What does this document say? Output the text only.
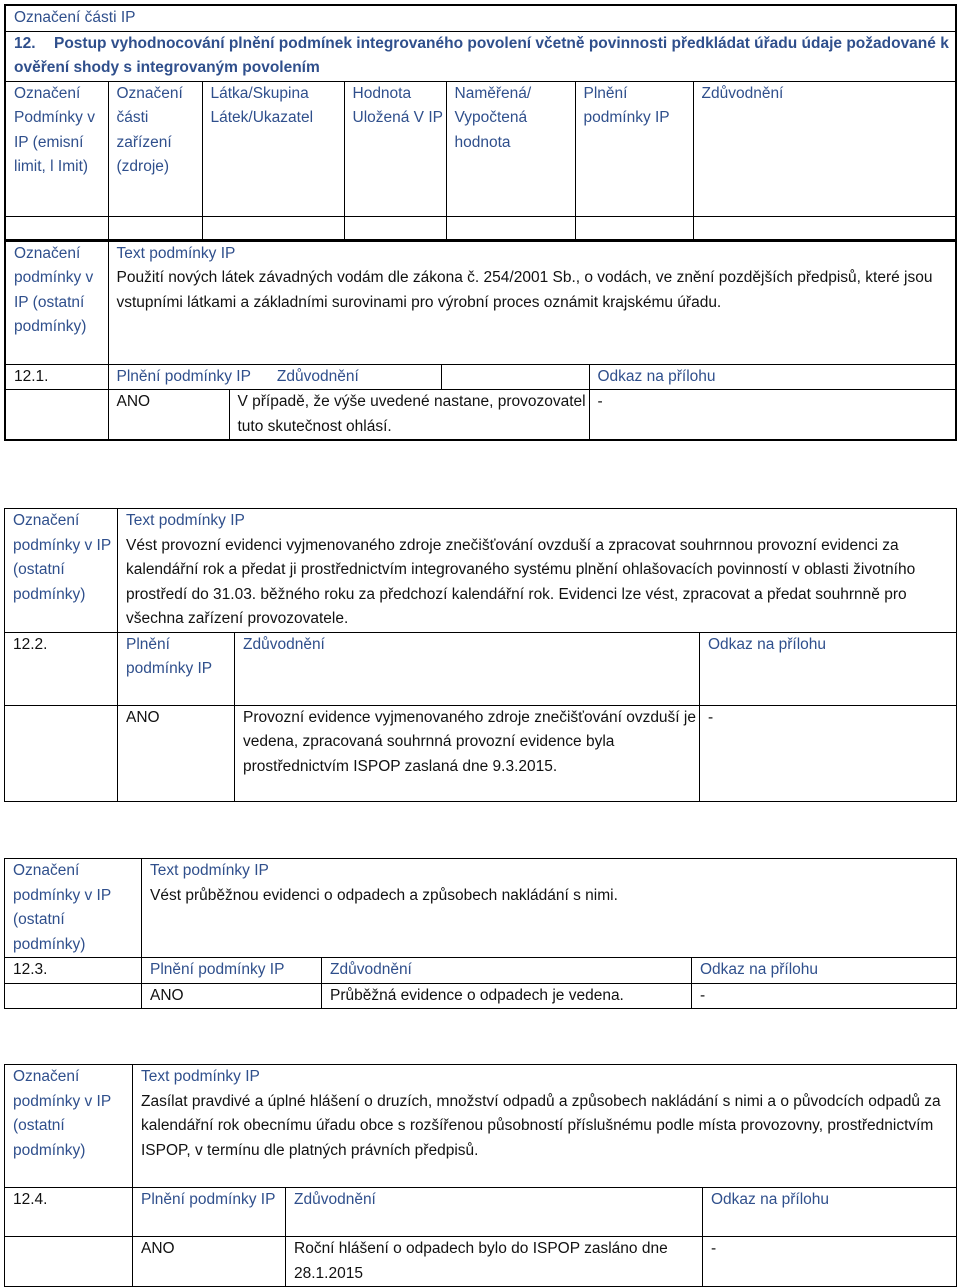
Označení části IP						
12. Postup vyhodnocování plnění podmínek integrovaného povolení včetně povinnosti předkládat úřadu údaje požadované k ověření shody s integrovaným povolením						
Označení Podmínky v IP (emisní limit, l Imit)	Označení části zařízení (zdroje)	Látka/Skupina Látek/Ukazatel	Hodnota Uložená V IP	Naměřená/ Vypočtená hodnota	Plnění podmínky IP	Zdůvodnění

Označení podmínky v IP (ostatní podmínky)	Text podmínky IP
Použití nových látek závadných vodám dle zákona č. 254/2001 Sb., o vodách, ve znění pozdějších předpisů, které jsou vstupními látkami a základními surovinami pro výrobní proces oznámit krajskému úřadu.			

12.1.	Plnění podmínky IP Zdůvodnění			Odkaz na přílohu
	ANO	V případě, že výše uvedené nastane, provozovatel tuto skutečnost ohlásí.		-
Označení podmínky v IP (ostatní podmínky)	Text podmínky IP
Vést provozní evidenci vyjmenovaného zdroje znečišťování ovzduší a zpracovat souhrnnou provozní evidenci za kalendářní rok a předat ji prostřednictvím integrovaného systému plnění ohlašovacích povinností v oblasti životního prostředí do 31.03. běžného roku za předchozí kalendářní rok. Evidenci lze vést, zpracovat a předat souhrnně pro všechna zařízení provozovatele.		

12.2.	Plnění podmínky IP	Zdůvodnění	Odkaz na přílohu
	ANO	Provozní evidence vyjmenovaného zdroje znečišťování ovzduší je vedena, zpracovaná souhrnná provozní evidence byla prostřednictvím ISPOP zaslaná dne 9.3.2015.	-
Označení podmínky v IP (ostatní podmínky)	Text podmínky IP
Vést průběžnou evidenci o odpadech a způsobech nakládání s nimi.		

12.3.	Plnění podmínky IP	Zdůvodnění	Odkaz na přílohu
	ANO	Průběžná evidence o odpadech je vedena.	-
Označení podmínky v IP (ostatní podmínky)	Text podmínky IP
Zasílat pravdivé a úplné hlášení o druzích, množství odpadů a způsobech nakládání s nimi a o původcích odpadů za kalendářní rok obecnímu úřadu obce s rozšířenou působností příslušnému podle místa provozovny, prostřednictvím ISPOP, v termínu dle platných právních předpisů.		

12.4.	Plnění podmínky IP	Zdůvodnění	Odkaz na přílohu
	ANO	Roční hlášení o odpadech bylo do ISPOP zasláno dne 28.1.2015	-
